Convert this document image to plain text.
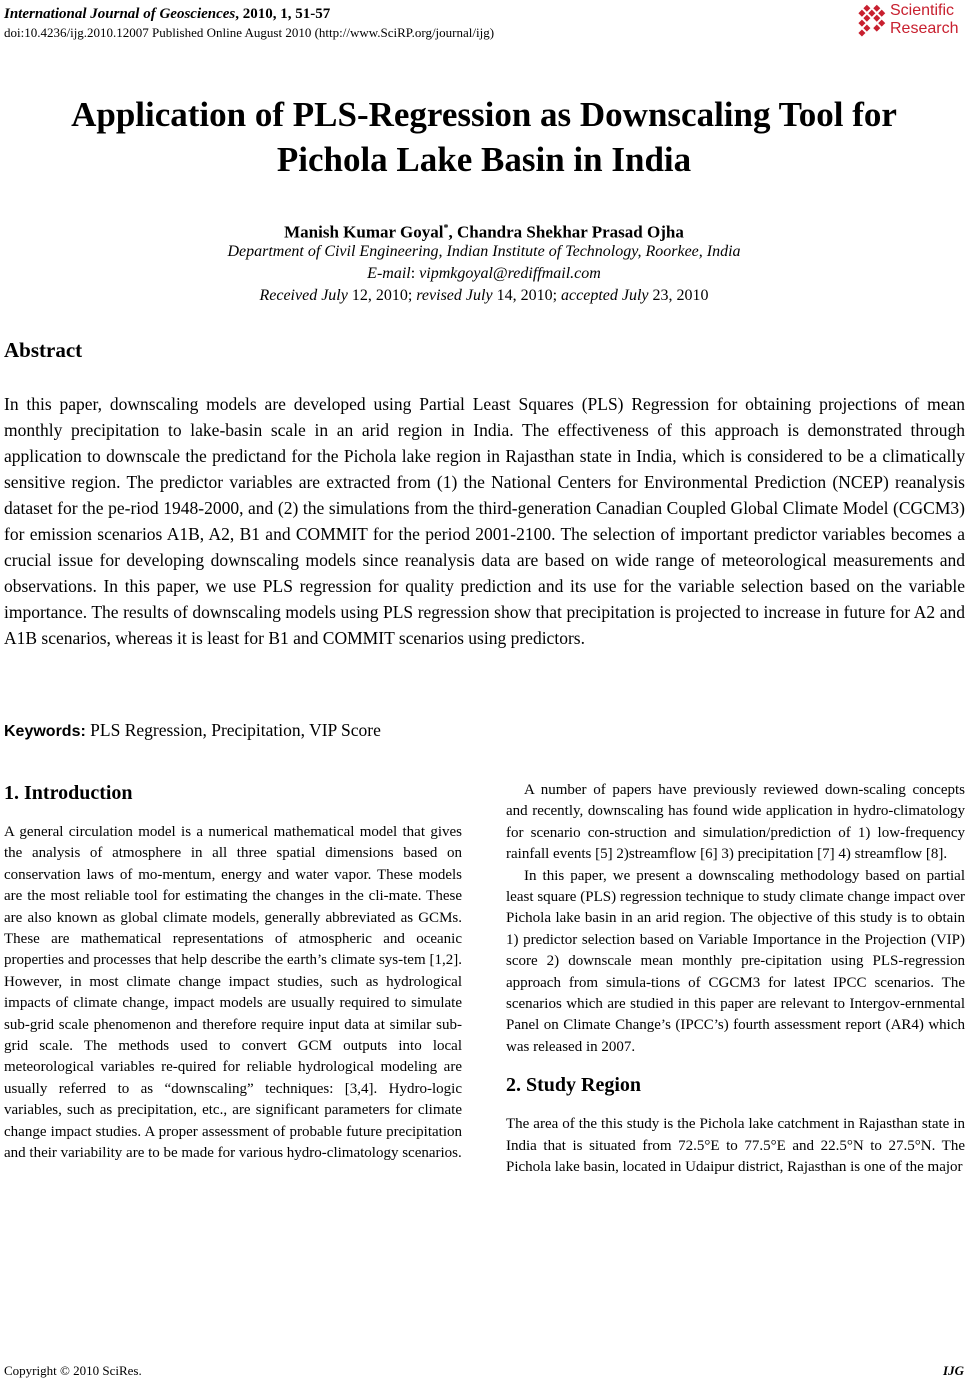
International Journal of Geosciences, 2010, 1, 51-57
doi:10.4236/ijg.2010.12007 Published Online August 2010 (http://www.SciRP.org/journal/ijg)
Scientific
Research
Application of PLS-Regression as Downscaling Tool for
Pichola Lake Basin in India
Manish Kumar Goyal*, Chandra Shekhar Prasad Ojha
Department of Civil Engineering, Indian Institute of Technology, Roorkee, India
E-mail: vipmkgoyal@rediffmail.com
Received July 12, 2010; revised July 14, 2010; accepted July 23, 2010
Abstract
In this paper, downscaling models are developed using Partial Least Squares (PLS) Regression for obtaining projections of mean monthly precipitation to lake-basin scale in an arid region in India. The effectiveness of this approach is demonstrated through application to downscale the predictand for the Pichola lake region in Rajasthan state in India, which is considered to be a climatically sensitive region. The predictor variables are extracted from (1) the National Centers for Environmental Prediction (NCEP) reanalysis dataset for the pe-riod 1948-2000, and (2) the simulations from the third-generation Canadian Coupled Global Climate Model (CGCM3) for emission scenarios A1B, A2, B1 and COMMIT for the period 2001-2100. The selection of important predictor variables becomes a crucial issue for developing downscaling models since reanalysis data are based on wide range of meteorological measurements and observations. In this paper, we use PLS regression for quality prediction and its use for the variable selection based on the variable importance. The results of downscaling models using PLS regression show that precipitation is projected to increase in future for A2 and A1B scenarios, whereas it is least for B1 and COMMIT scenarios using predictors.
Keywords: PLS Regression, Precipitation, VIP Score
1. Introduction

A general circulation model is a numerical mathematical model that gives the analysis of atmosphere in all three spatial dimensions based on conservation laws of mo-mentum, energy and water vapor. These models are the most reliable tool for estimating the changes in the cli-mate. These are also known as global climate models, generally abbreviated as GCMs. These are mathematical representations of atmospheric and oceanic properties and processes that help describe the earth’s climate sys-tem [1,2]. However, in most climate change impact studies, such as hydrological impacts of climate change, impact models are usually required to simulate sub-grid scale phenomenon and therefore require input data at similar sub-grid scale. The methods used to convert GCM outputs into local meteorological variables re-quired for reliable hydrological modeling are usually referred to as “downscaling” techniques: [3,4]. Hydro-logic variables, such as precipitation, etc., are significant parameters for climate change impact studies. A proper assessment of probable future precipitation and their variability are to be made for various hydro-climatology scenarios.

A number of papers have previously reviewed down-scaling concepts and recently, downscaling has found wide application in hydro-climatology for scenario con-struction and simulation/prediction of 1) low-frequency rainfall events [5] 2)streamflow [6] 3) precipitation [7] 4) streamflow [8].

In this paper, we present a downscaling methodology based on partial least square (PLS) regression technique to study climate change impact over Pichola lake basin in an arid region. The objective of this study is to obtain 1) predictor selection based on Variable Importance in the Projection (VIP) score 2) downscale mean monthly pre-cipitation using PLS-regression approach from simula-tions of CGCM3 for latest IPCC scenarios. The scenarios which are studied in this paper are relevant to Intergov-ernmental Panel on Climate Change’s (IPCC’s) fourth assessment report (AR4) which was released in 2007.

2. Study Region

The area of the this study is the Pichola lake catchment in Rajasthan state in India that is situated from 72.5°E to 77.5°E and 22.5°N to 27.5°N. The Pichola lake basin, located in Udaipur district, Rajasthan is one of the major

Copyright © 2010 SciRes.	IJG
